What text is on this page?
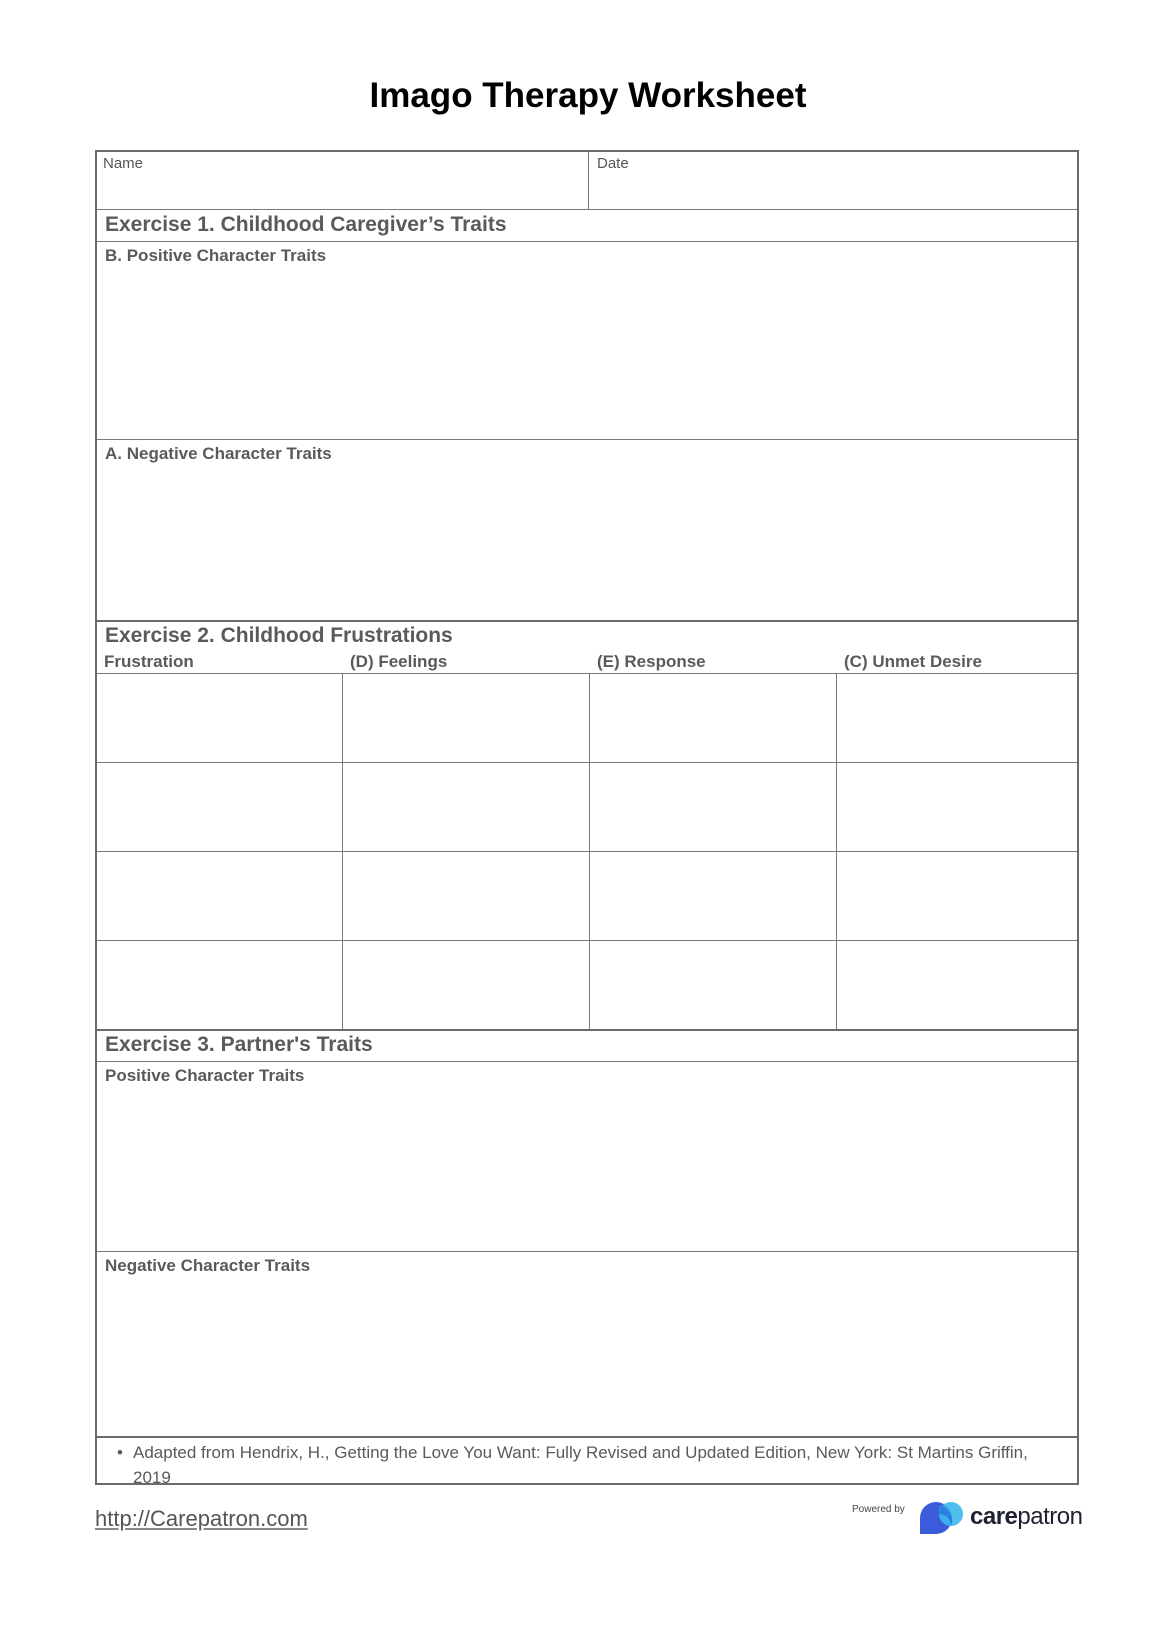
Imago Therapy Worksheet
Name	Date
Exercise 1. Childhood Caregiver’s Traits
B. Positive Character Traits
A. Negative Character Traits
Exercise 2. Childhood Frustrations
Frustration	(D) Feelings	(E) Response	(C) Unmet Desire
Exercise 3. Partner's Traits
Positive Character Traits
Negative Character Traits
• Adapted from Hendrix, H., Getting the Love You Want: Fully Revised and Updated Edition, New York: St Martins Griffin, 2019
http://Carepatron.com	Powered by	carepatron
